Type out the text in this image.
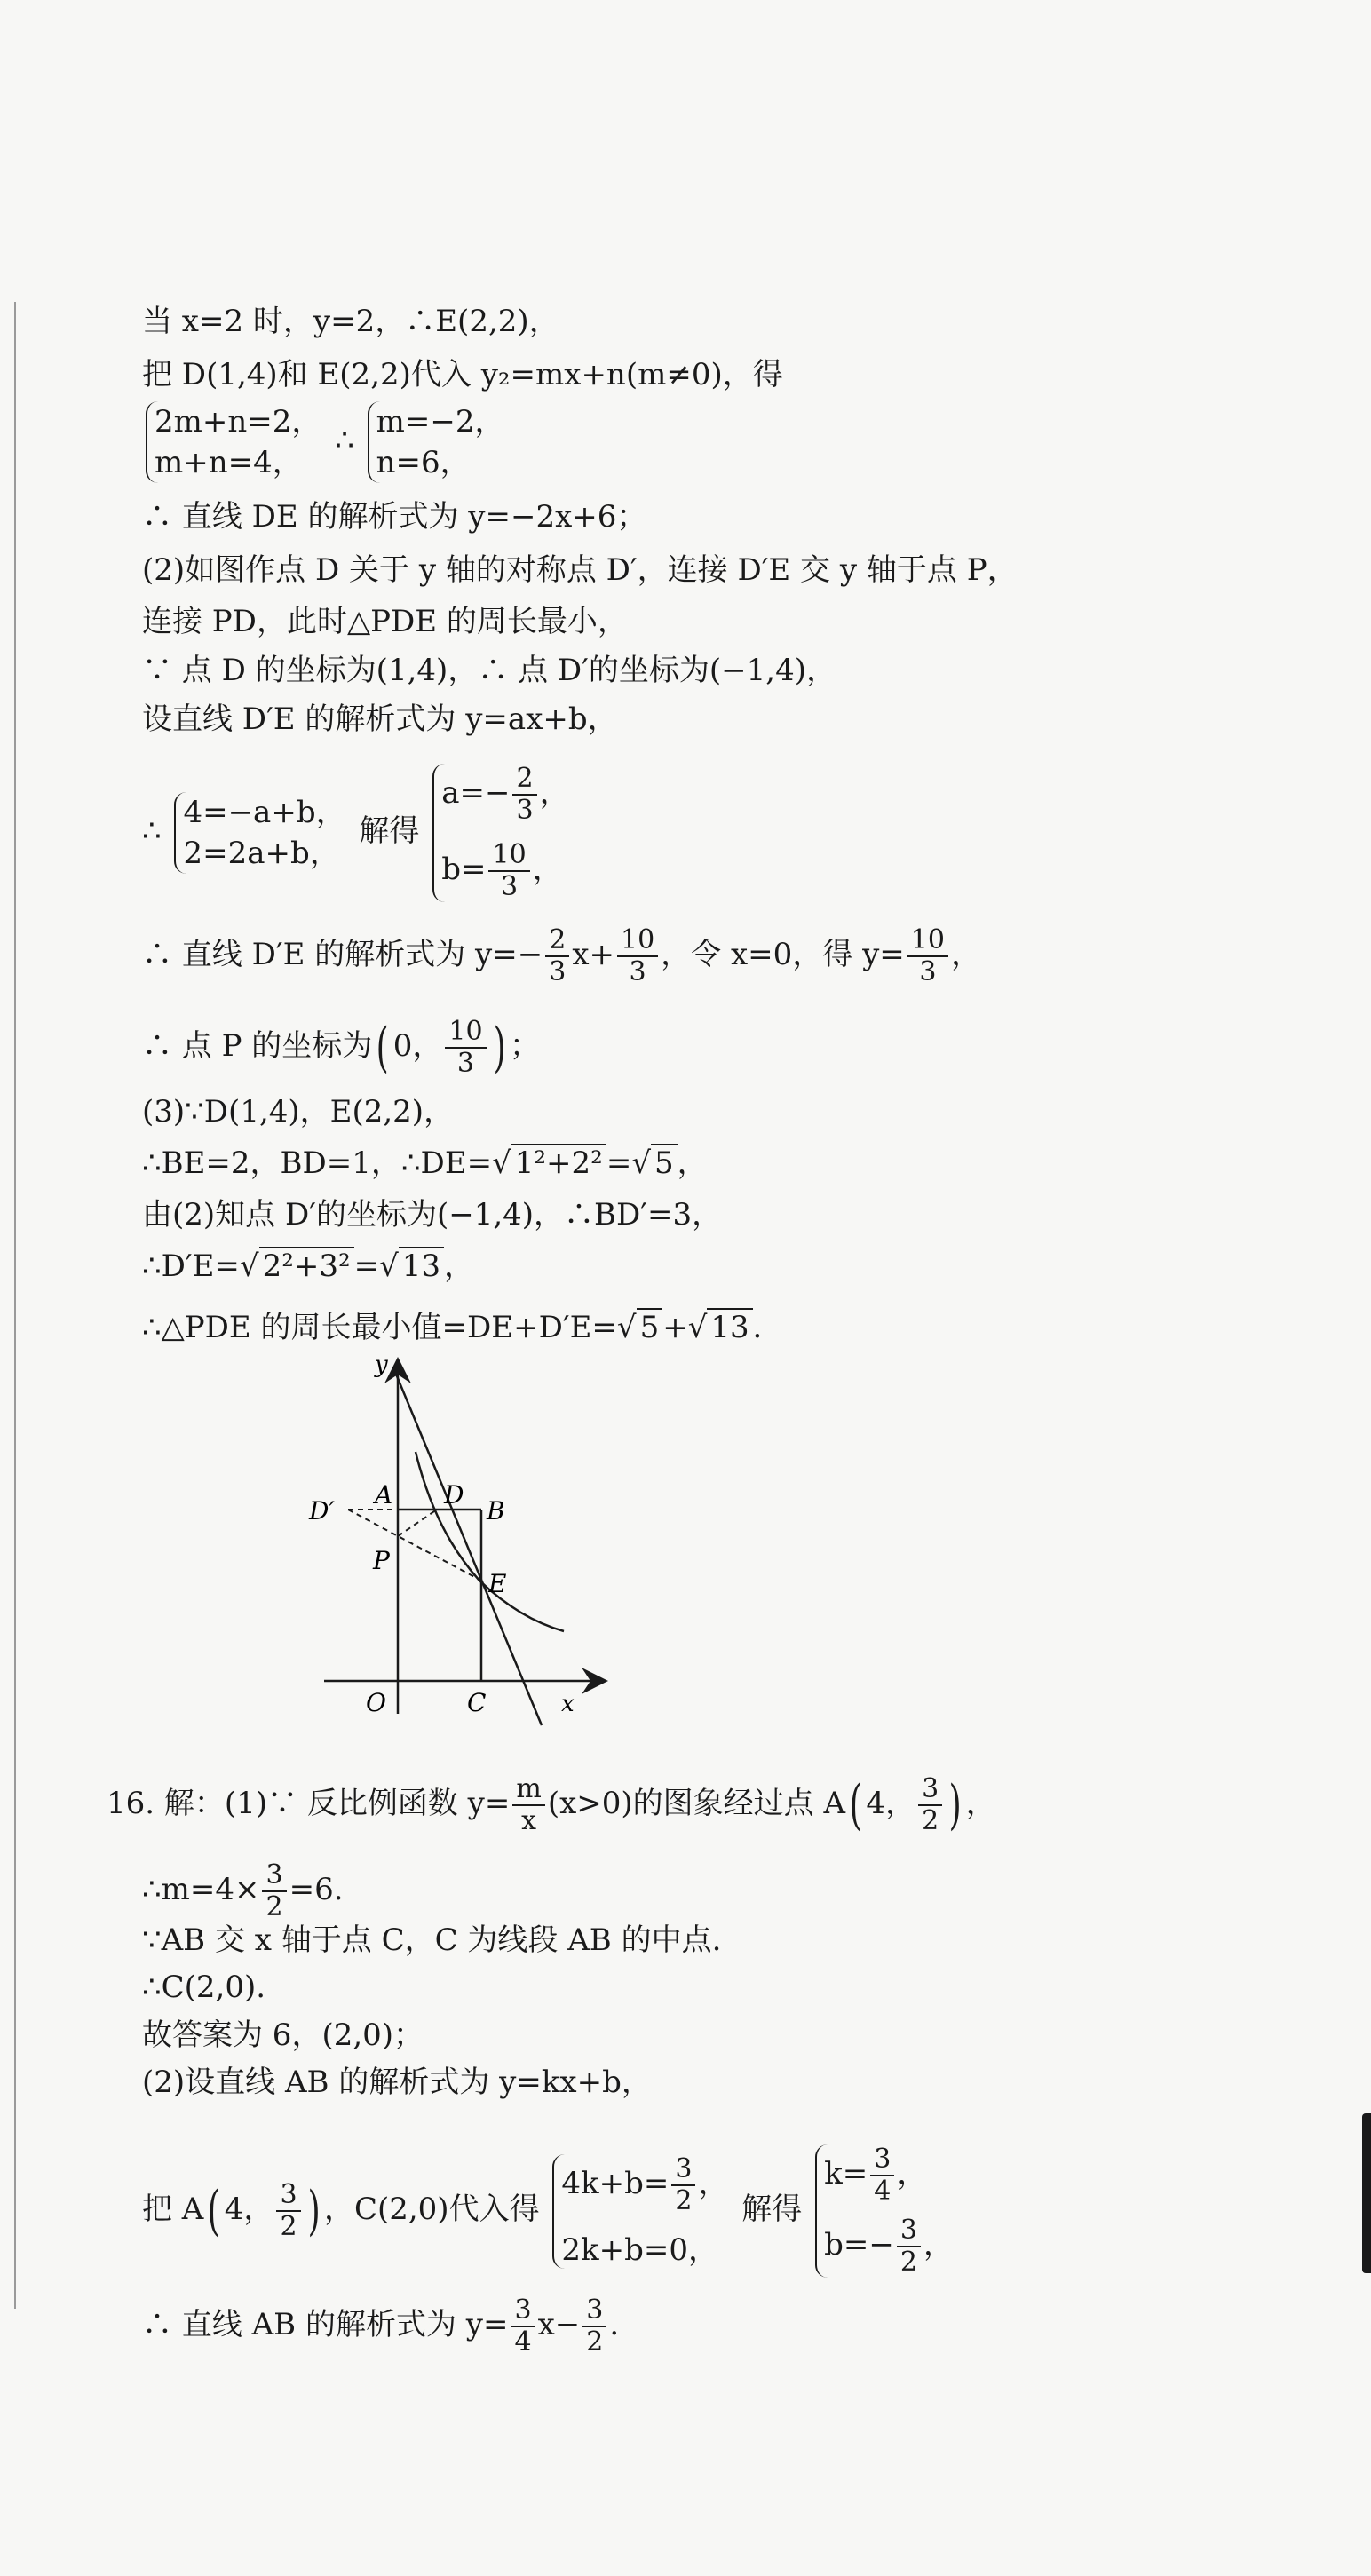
当 x=2 时，y=2，∴E(2,2)，
把 D(1,4)和 E(2,2)代入 y₂=mx+n(m≠0)，得
2m+n=2，
m+n=4，
∴
m=−2，
n=6，
∴ 直线 DE 的解析式为 y=−2x+6；
(2)如图作点 D 关于 y 轴的对称点 D′，连接 D′E 交 y 轴于点 P，
连接 PD，此时△PDE 的周长最小，
∵ 点 D 的坐标为(1,4)，∴ 点 D′的坐标为(−1,4)，
设直线 D′E 的解析式为 y=ax+b，
∴
4=−a+b，
2=2a+b，
解得
$a=- \frac{2}{3}$ ，
$b= \frac{10}{3}$ ，
∴ 直线 D′E 的解析式为 $y=- \frac{2}{3} x+ \frac{10}{3}$ ，令 x=0，得 $y= \frac{10}{3}$ ，
∴ 点 P 的坐标为( 0， $\frac{10}{3}$ ) ；
(3)∵D(1,4)，E(2,2)，
∴BE=2，BD=1，∴DE=√ 1²+2² =√ 5 ，
由(2)知点 D′的坐标为(−1,4)，∴BD′=3，
∴D′E=√ 2²+3² =√ 13 ，
∴△PDE 的周长最小值=DE+D′E=√ 5 +√ 13 ．
y
x
O	C
A D
B
D′
P
E
16. 解：(1)∵ 反比例函数 $y= \frac{m}{x} (x>0)$的图象经过点 A( 4， $\frac{3}{2}$ ) ，
∴m=4× $\frac{3}{2} =6$.
∵AB 交 x 轴于点 C，C 为线段 AB 的中点.
∴C(2,0).
故答案为 6，(2,0)；
(2)设直线 AB 的解析式为 y=kx+b，
把 A( 4， $\frac{3}{2}$ ) ，C(2,0)代入得
$4k+b= \frac{3}{2}$ ，
2k+b=0，
解得
$k= \frac{3}{4}$ ，
$b=- \frac{3}{2}$ ，
∴ 直线 AB 的解析式为 $y= \frac{3}{4} x- \frac{3}{2}$ .
